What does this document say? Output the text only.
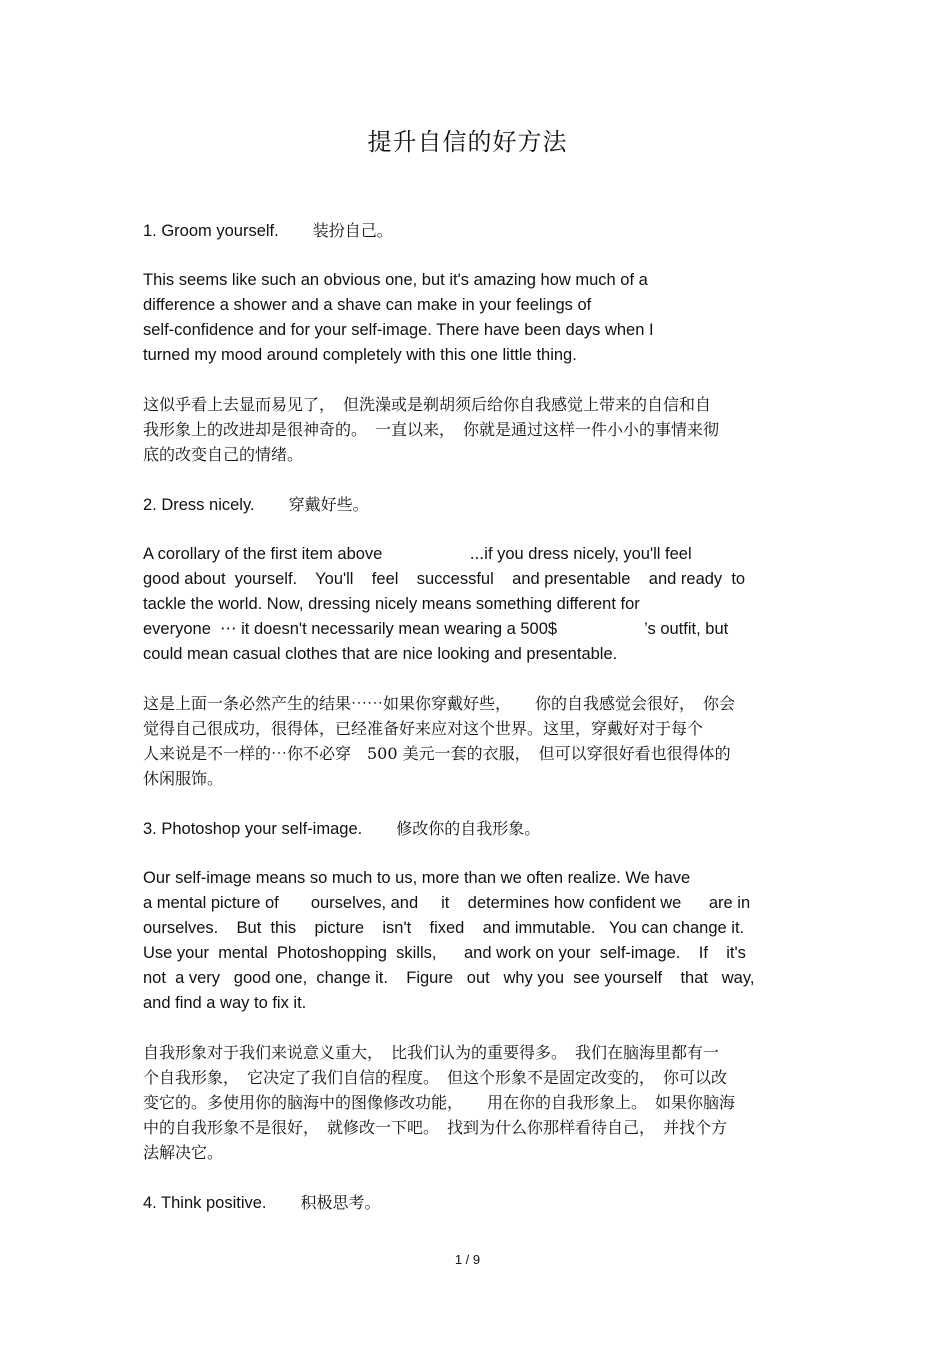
提升自信的好方法

1. Groom yourself. 装扮自己。

This seems like such an obvious one, but it's amazing how much of a
difference a shower and a shave can make in your feelings of
self-confidence and for your self-image. There have been days when I
turned my mood around completely with this one little thing.
这似乎看上去显而易见了，　但洗澡或是剃胡须后给你自我感觉上带来的自信和自
我形象上的改进却是很神奇的。　一直以来，　你就是通过这样一件小小的事情来彻
底的改变自己的情绪。

2. Dress nicely. 穿戴好些。

A corollary of the first item above　　　　　 ⋯if you dress nicely, you'll feel
good about  yourself.    You'll    feel    successful    and presentable    and ready  to
tackle the world. Now, dressing nicely means something different for
everyone  ⋯ it doesn't necessarily mean wearing a 500$　　　　　 ’s outfit, but
could mean casual clothes that are nice looking and presentable.
这是上面一条必然产生的结果⋯⋯如果你穿戴好些，　　你的自我感觉会很好，　你会
觉得自己很成功，很得体，已经准备好来应对这个世界。这里，穿戴好对于每个
人来说是不一样的⋯你不必穿　500 美元一套的衣服，　但可以穿很好看也很得体的
休闲服饰。

3. Photoshop your self-image. 修改你的自我形象。

Our self-image means so much to us, more than we often realize. We have
a mental picture of       ourselves, and     it    determines how confident we      are in
ourselves.    But  this    picture    isn't    fixed    and immutable.   You can change it.
Use your  mental  Photoshopping  skills,      and work on your  self-image.    If    it's
not  a very   good one,  change it.    Figure   out   why you  see yourself    that   way,
and find a way to fix it.
自我形象对于我们来说意义重大，　比我们认为的重要得多。　我们在脑海里都有一
个自我形象，　它决定了我们自信的程度。　但这个形象不是固定改变的，　你可以改
变它的。多使用你的脑海中的图像修改功能，　　用在你的自我形象上。　如果你脑海
中的自我形象不是很好，　就修改一下吧。　找到为什么你那样看待自己，　并找个方
法解决它。

4. Think positive. 积极思考。

1 / 9
